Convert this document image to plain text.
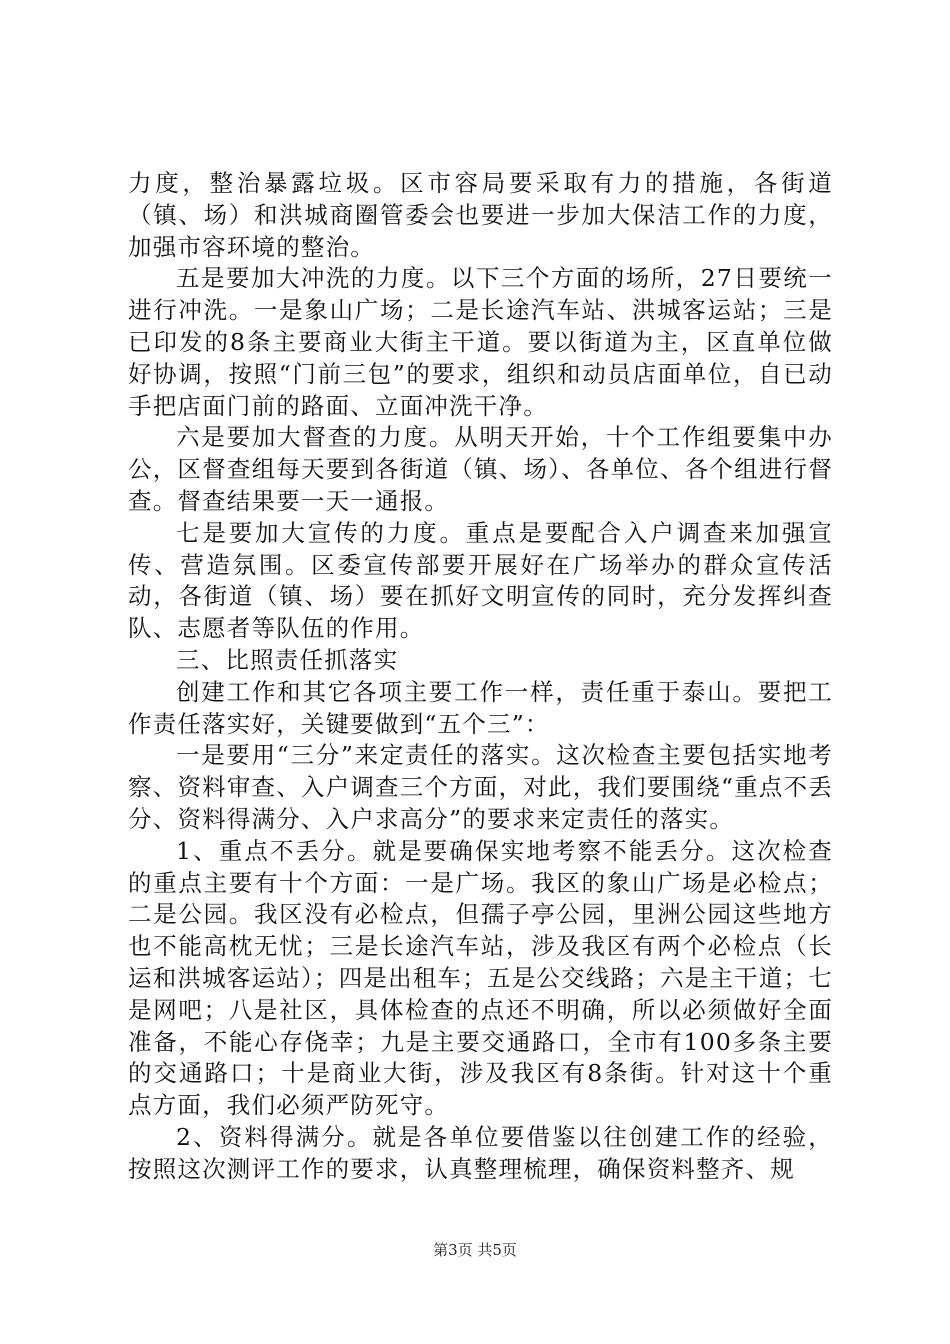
力度，整治暴露垃圾。区市容局要采取有力的措施，各街道（镇、场）和洪城商圈管委会也要进一步加大保洁工作的力度，加强市容环境的整治。

五是要加大冲洗的力度。以下三个方面的场所，27日要统一进行冲洗。一是象山广场；二是长途汽车站、洪城客运站；三是已印发的8条主要商业大街主干道。要以街道为主，区直单位做好协调，按照“门前三包”的要求，组织和动员店面单位，自已动手把店面门前的路面、立面冲洗干净。

六是要加大督查的力度。从明天开始，十个工作组要集中办公，区督查组每天要到各街道（镇、场）、各单位、各个组进行督查。督查结果要一天一通报。

七是要加大宣传的力度。重点是要配合入户调查来加强宣传、营造氛围。区委宣传部要开展好在广场举办的群众宣传活动，各街道（镇、场）要在抓好文明宣传的同时，充分发挥纠查队、志愿者等队伍的作用。

三、比照责任抓落实

创建工作和其它各项主要工作一样，责任重于泰山。要把工作责任落实好，关键要做到“五个三”：

一是要用“三分”来定责任的落实。这次检查主要包括实地考察、资料审查、入户调查三个方面，对此，我们要围绕“重点不丢分、资料得满分、入户求高分”的要求来定责任的落实。

1、重点不丢分。就是要确保实地考察不能丢分。这次检查的重点主要有十个方面：一是广场。我区的象山广场是必检点；二是公园。我区没有必检点，但孺子亭公园，里洲公园这些地方也不能高枕无忧；三是长途汽车站，涉及我区有两个必检点（长运和洪城客运站）；四是出租车；五是公交线路；六是主干道；七是网吧；八是社区，具体检查的点还不明确，所以必须做好全面准备，不能心存侥幸；九是主要交通路口，全市有100多条主要的交通路口；十是商业大街，涉及我区有8条街。针对这十个重点方面，我们必须严防死守。

2、资料得满分。就是各单位要借鉴以往创建工作的经验，按照这次测评工作的要求，认真整理梳理，确保资料整齐、规

第3页 共5页
